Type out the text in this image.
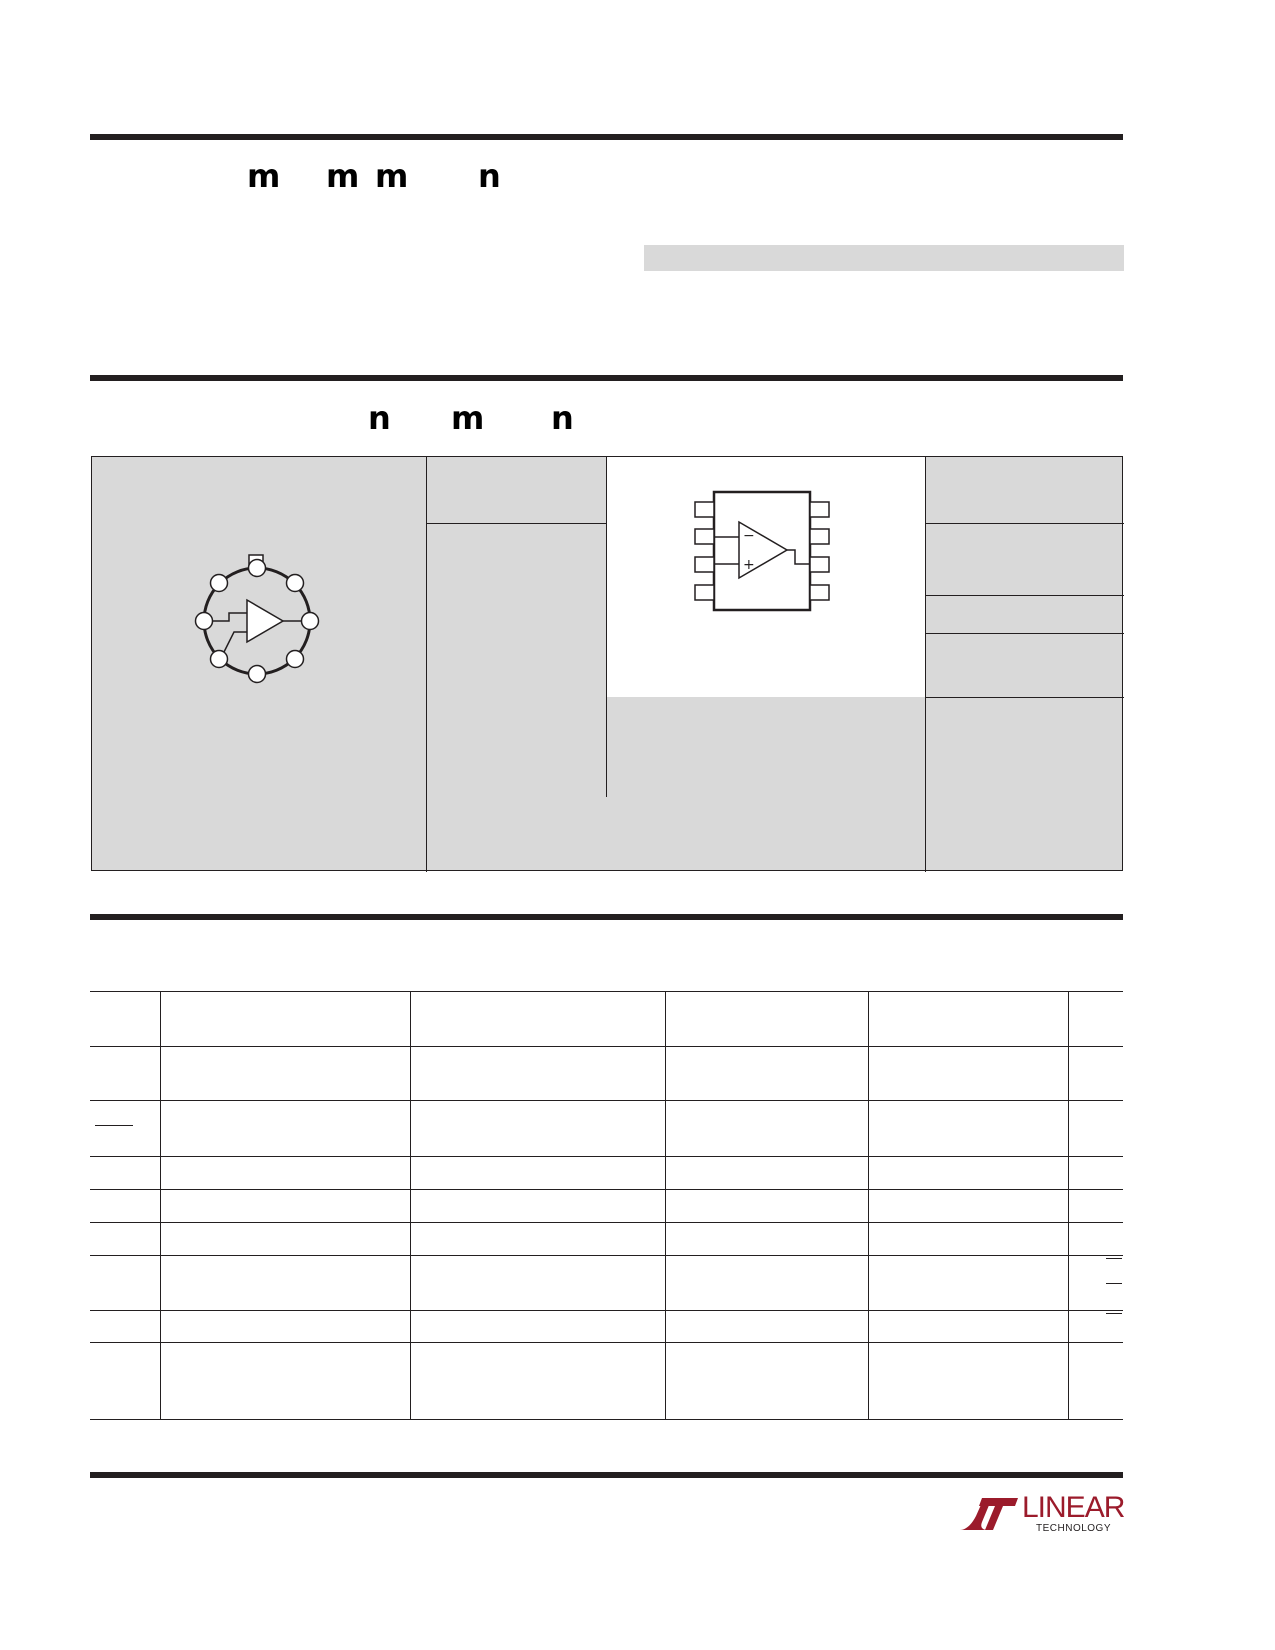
m m m n
n m n
−
+
LINEAR
TECHNOLOGY
